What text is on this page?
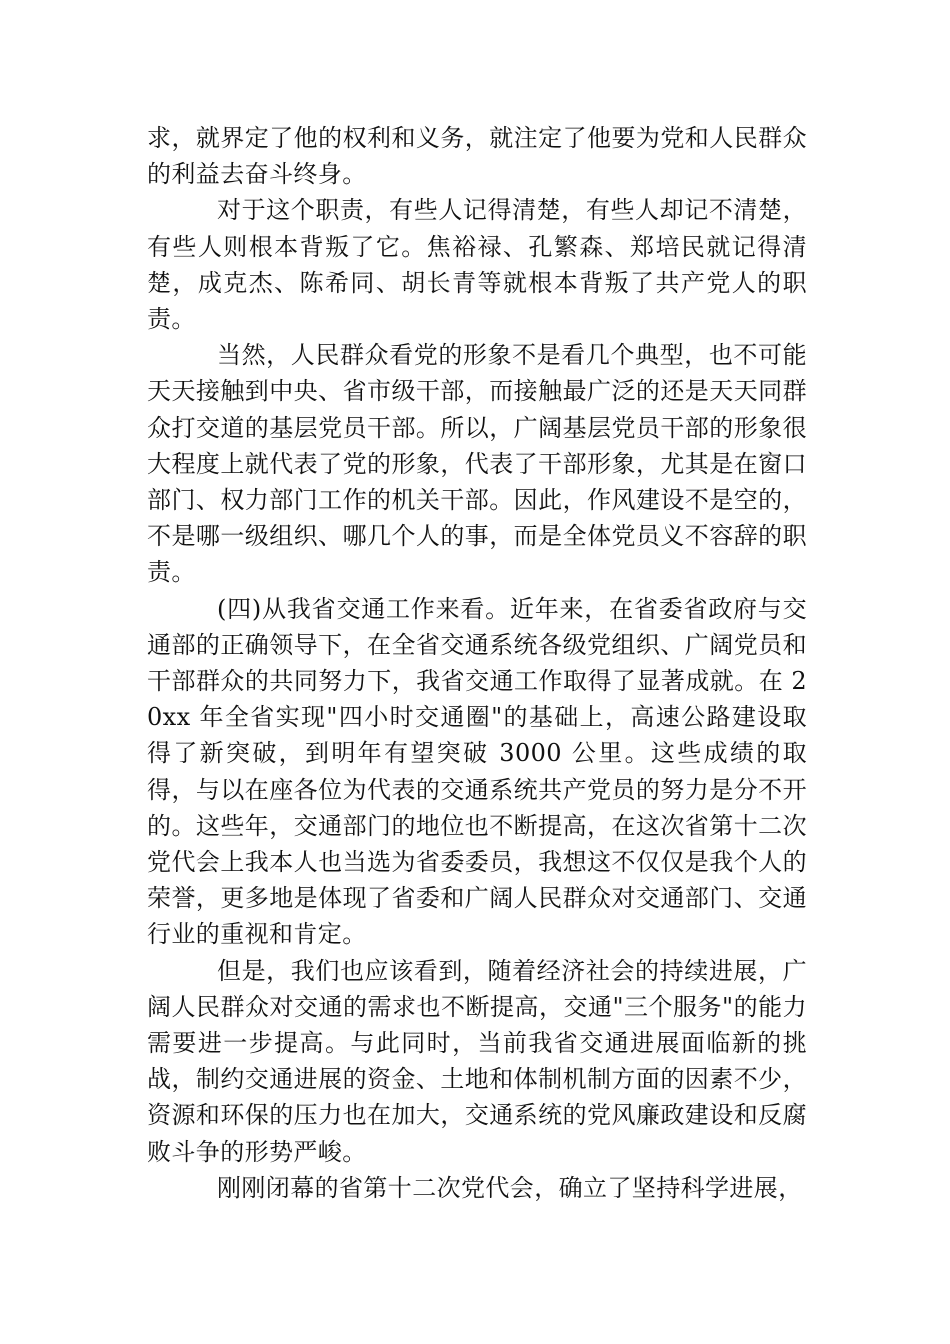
求，就界定了他的权利和义务，就注定了他要为党和人民群众的利益去奋斗终身。

对于这个职责，有些人记得清楚，有些人却记不清楚，有些人则根本背叛了它。焦裕禄、孔繁森、郑培民就记得清楚，成克杰、陈希同、胡长青等就根本背叛了共产党人的职责。

当然，人民群众看党的形象不是看几个典型，也不可能天天接触到中央、省市级干部，而接触最广泛的还是天天同群众打交道的基层党员干部。所以，广阔基层党员干部的形象很大程度上就代表了党的形象，代表了干部形象，尤其是在窗口部门、权力部门工作的机关干部。因此，作风建设不是空的，不是哪一级组织、哪几个人的事，而是全体党员义不容辞的职责。

(四)从我省交通工作来看。近年来，在省委省政府与交通部的正确领导下，在全省交通系统各级党组织、广阔党员和干部群众的共同努力下，我省交通工作取得了显著成就。在 20xx 年全省实现"四小时交通圈"的基础上，高速公路建设取得了新突破，到明年有望突破 3000 公里。这些成绩的取得，与以在座各位为代表的交通系统共产党员的努力是分不开的。这些年，交通部门的地位也不断提高，在这次省第十二次党代会上我本人也当选为省委委员，我想这不仅仅是我个人的荣誉，更多地是体现了省委和广阔人民群众对交通部门、交通行业的重视和肯定。

但是，我们也应该看到，随着经济社会的持续进展，广阔人民群众对交通的需求也不断提高，交通"三个服务"的能力需要进一步提高。与此同时，当前我省交通进展面临新的挑战，制约交通进展的资金、土地和体制机制方面的因素不少，资源和环保的压力也在加大，交通系统的党风廉政建设和反腐败斗争的形势严峻。

刚刚闭幕的省第十二次党代会，确立了坚持科学进展，
